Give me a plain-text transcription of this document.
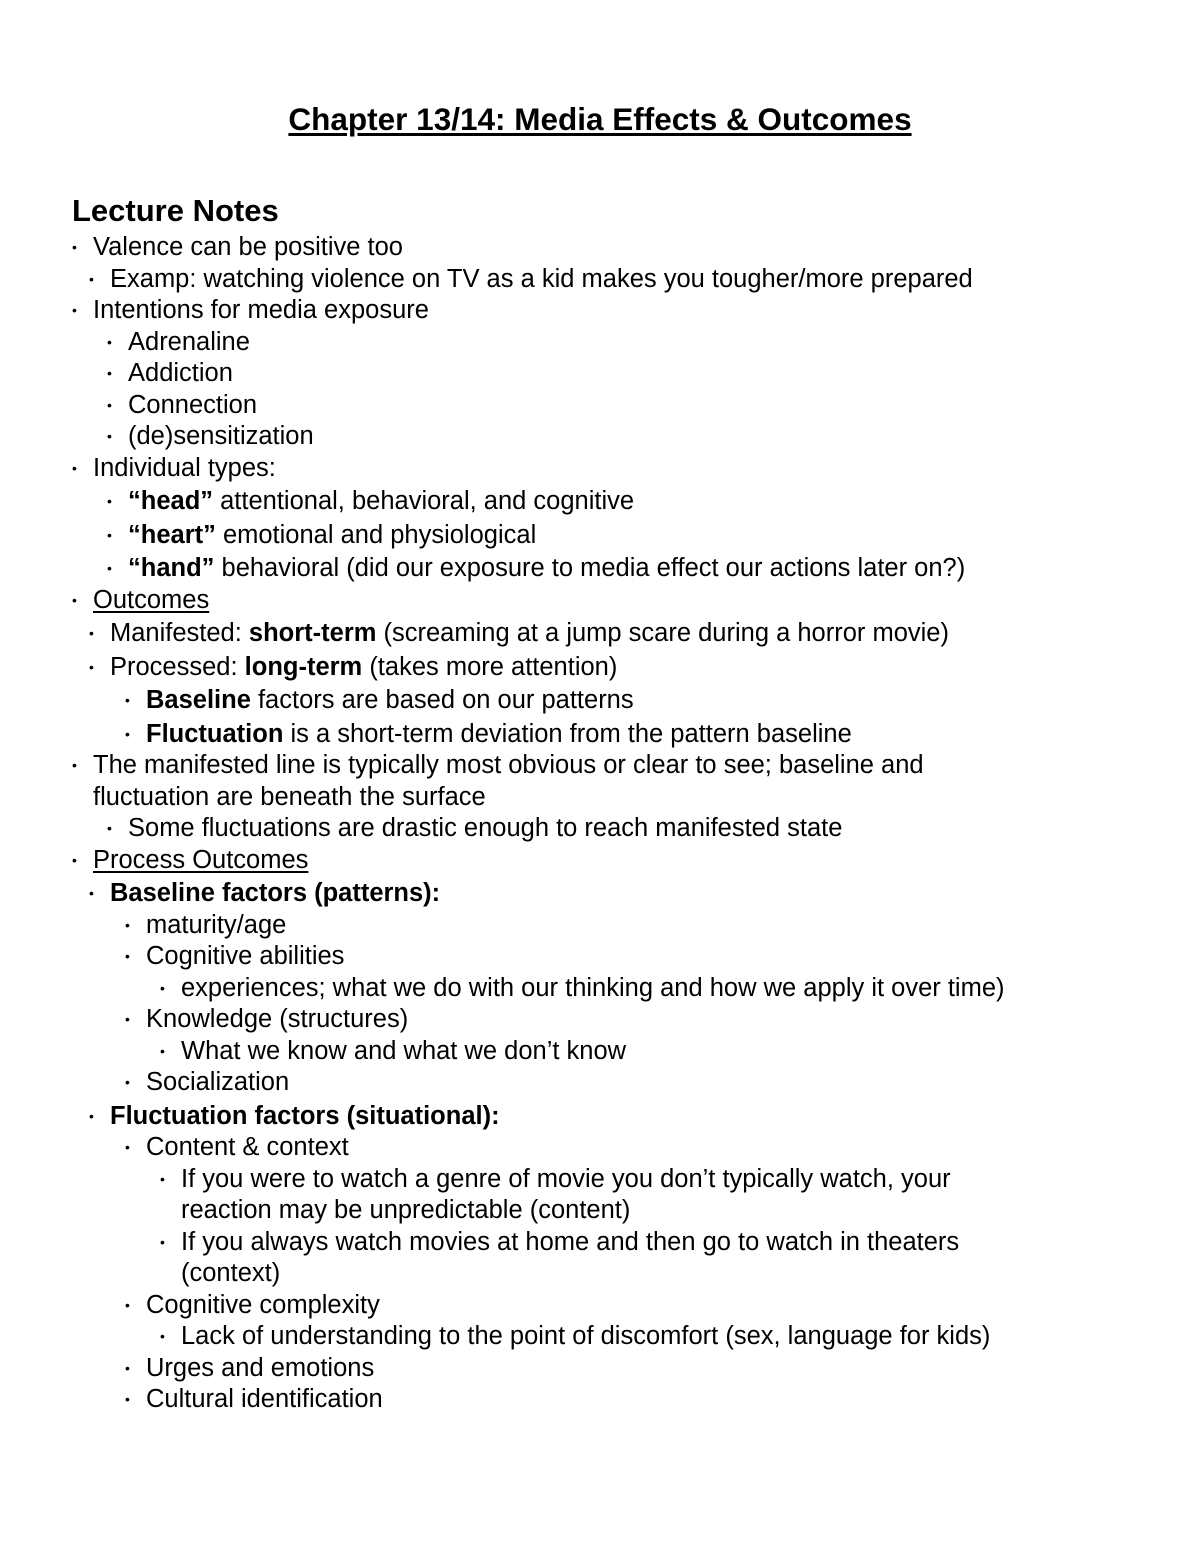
Chapter 13/14: Media Effects & Outcomes
Lecture Notes
• Valence can be positive too
• Examp: watching violence on TV as a kid makes you tougher/more prepared
• Intentions for media exposure
• Adrenaline
• Addiction
• Connection
• (de)sensitization
• Individual types:
• “head” attentional, behavioral, and cognitive
• “heart” emotional and physiological
• “hand” behavioral (did our exposure to media effect our actions later on?)
• Outcomes
• Manifested: short-term (screaming at a jump scare during a horror movie)
• Processed: long-term (takes more attention)
• Baseline factors are based on our patterns
• Fluctuation is a short-term deviation from the pattern baseline
• The manifested line is typically most obvious or clear to see; baseline and fluctuation are beneath the surface
• Some fluctuations are drastic enough to reach manifested state
• Process Outcomes
• Baseline factors (patterns):
• maturity/age
• Cognitive abilities
• experiences; what we do with our thinking and how we apply it over time)
• Knowledge (structures)
• What we know and what we don’t know
• Socialization
• Fluctuation factors (situational):
• Content & context
• If you were to watch a genre of movie you don’t typically watch, your reaction may be unpredictable (content)
• If you always watch movies at home and then go to watch in theaters (context)
• Cognitive complexity
• Lack of understanding to the point of discomfort (sex, language for kids)
• Urges and emotions
• Cultural identification
